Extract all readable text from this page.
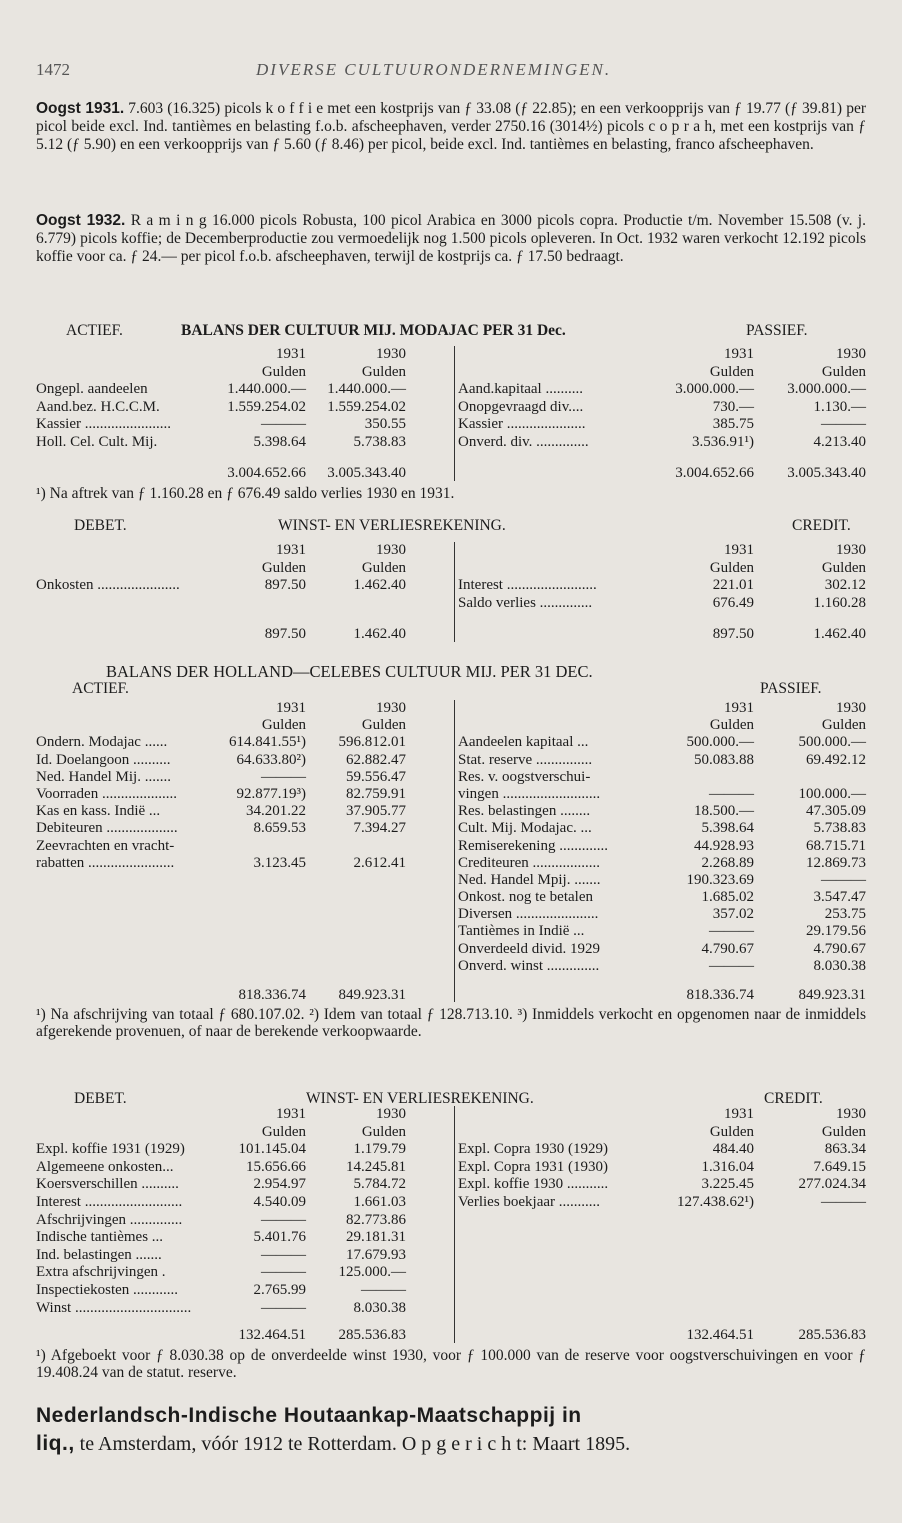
1472	DIVERSE CULTUURONDERNEMINGEN.

Oogst 1931. 7.603 (16.325) picols k o f f i e met een kostprijs van ƒ 33.08 (ƒ 22.85); en een verkoopprijs van ƒ 19.77 (ƒ 39.81) per picol beide excl. Ind. tantièmes en belasting f.o.b. afscheephaven, verder 2750.16 (3014½) picols c o p r a h, met een kostprijs van ƒ 5.12 (ƒ 5.90) en een verkoopprijs van ƒ 5.60 (ƒ 8.46) per picol, beide excl. Ind. tantièmes en belasting, franco afscheephaven.

Oogst 1932. R a m i n g 16.000 picols Robusta, 100 picol Arabica en 3000 picols copra. Productie t/m. November 15.508 (v. j. 6.779) picols koffie; de Decemberproductie zou vermoedelijk nog 1.500 picols opleveren. In Oct. 1932 waren verkocht 12.192 picols koffie voor ca. ƒ 24.— per picol f.o.b. afscheephaven, terwijl de kostprijs ca. ƒ 17.50 bedraagt.

ACTIEF.	BALANS DER CULTUUR MIJ. MODAJAC PER 31 Dec.	PASSIEF.
1931	1930	1931	1930
Gulden	Gulden	Gulden	Gulden
Ongepl. aandeelen	1.440.000.—	1.440.000.—	Aand.kapitaal ..........	3.000.000.—	3.000.000.—
Aand.bez. H.C.C.M.	1.559.254.02	1.559.254.02	Onopgevraagd div....	730.—	1.130.—
Kassier .......................	———	350.55	Kassier .....................	385.75	———
Holl. Cel. Cult. Mij.	5.398.64	5.738.83	Onverd. div. ..............	3.536.91¹)	4.213.40
3.004.652.66	3.005.343.40	3.004.652.66	3.005.343.40
¹) Na aftrek van ƒ 1.160.28 en ƒ 676.49 saldo verlies 1930 en 1931.
DEBET.	WINST- EN VERLIESREKENING.	CREDIT.
1931	1930	1931	1930
Gulden	Gulden	Gulden	Gulden
Onkosten ......................	897.50	1.462.40	Interest ........................	221.01	302.12
Saldo verlies ..............	676.49	1.160.28
897.50	1.462.40	897.50	1.462.40
BALANS DER HOLLAND—CELEBES CULTUUR MIJ. PER 31 DEC.
ACTIEF.	PASSIEF.
1931	1930	1931	1930
Gulden	Gulden	Gulden	Gulden
Ondern. Modajac ......	614.841.55¹)	596.812.01	Aandeelen kapitaal ...	500.000.—	500.000.—
Id. Doelangoon ..........	64.633.80²)	62.882.47	Stat. reserve ...............	50.083.88	69.492.12
Ned. Handel Mij. .......	———	59.556.47	Res. v. oogstverschui-
Voorraden ....................	92.877.19³)	82.759.91	vingen ..........................	———	100.000.—
Kas en kass. Indië ...	34.201.22	37.905.77	Res. belastingen ........	18.500.—	47.305.09
Debiteuren ...................	8.659.53	7.394.27	Cult. Mij. Modajac. ...	5.398.64	5.738.83
Zeevrachten en vracht-	Remiserekening .............	44.928.93	68.715.71
rabatten .......................	3.123.45	2.612.41	Crediteuren ..................	2.268.89	12.869.73
Ned. Handel Mpij. .......	190.323.69	———
Onkost. nog te betalen	1.685.02	3.547.47
Diversen ......................	357.02	253.75
Tantièmes in Indië ...	———	29.179.56
Onverdeeld divid. 1929	4.790.67	4.790.67
Onverd. winst ..............	———	8.030.38
818.336.74	849.923.31	818.336.74	849.923.31
¹) Na afschrijving van totaal ƒ 680.107.02. ²) Idem van totaal ƒ 128.713.10. ³) Inmiddels verkocht en opgenomen naar de inmiddels afgerekende provenuen, of naar de berekende verkoopwaarde.
DEBET.	WINST- EN VERLIESREKENING.	CREDIT.
1931	1930	1931	1930
Gulden	Gulden	Gulden	Gulden
Expl. koffie 1931 (1929)	101.145.04	1.179.79	Expl. Copra 1930 (1929)	484.40	863.34
Algemeene onkosten...	15.656.66	14.245.81	Expl. Copra 1931 (1930)	1.316.04	7.649.15
Koersverschillen ..........	2.954.97	5.784.72	Expl. koffie 1930 ...........	3.225.45	277.024.34
Interest ..........................	4.540.09	1.661.03	Verlies boekjaar ...........	127.438.62¹)	———
Afschrijvingen ..............	———	82.773.86
Indische tantièmes ...	5.401.76	29.181.31
Ind. belastingen .......	———	17.679.93
Extra afschrijvingen .	———	125.000.—
Inspectiekosten ............	2.765.99	———
Winst ...............................	———	8.030.38
132.464.51	285.536.83	132.464.51	285.536.83
¹) Afgeboekt voor ƒ 8.030.38 op de onverdeelde winst 1930, voor ƒ 100.000 van de reserve voor oogstverschuivingen en voor ƒ 19.408.24 van de statut. reserve.
Nederlandsch-Indische Houtaankap-Maatschappij in
liq., te Amsterdam, vóór 1912 te Rotterdam. O p g e r i c h t: Maart 1895.
